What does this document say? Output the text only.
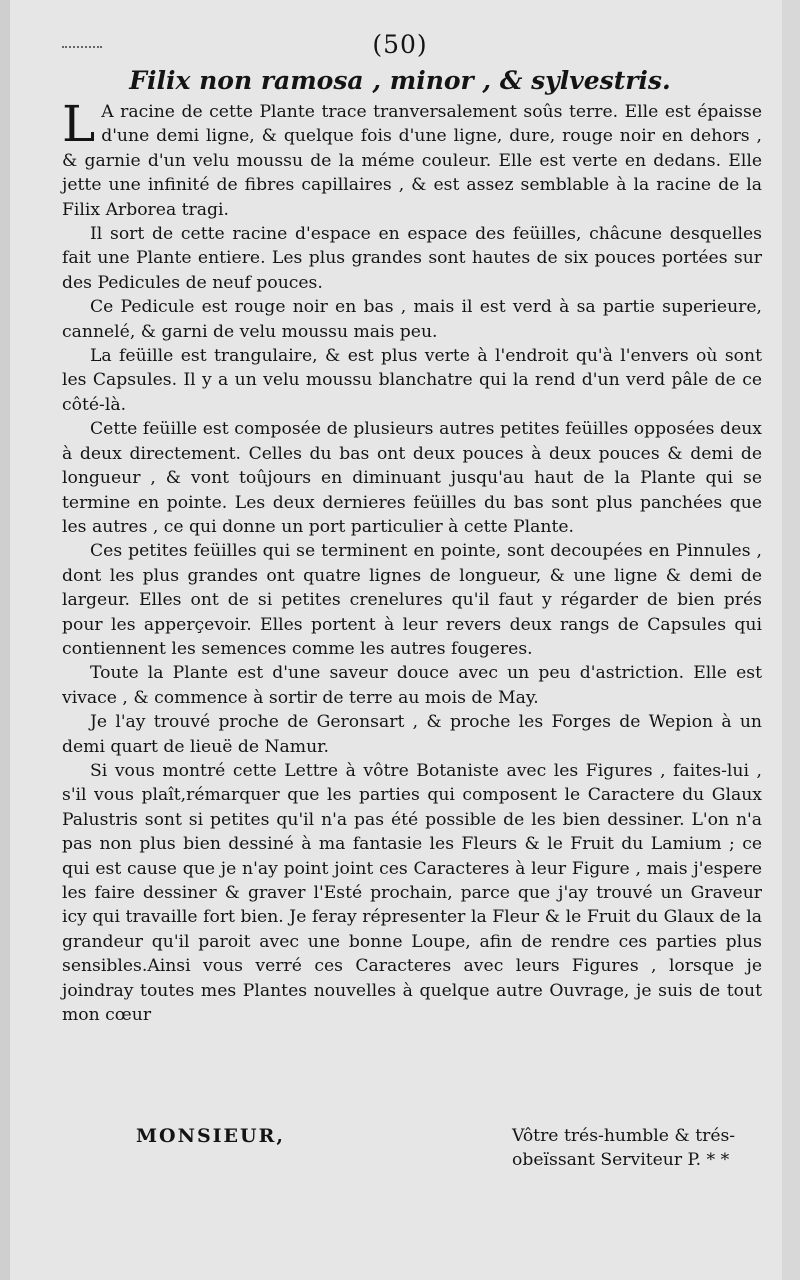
(50)
Filix non ramosa , minor , & sylvestris.

L A racine de cette Plante trace tranversalement soûs terre. Elle est épaisse d'une demi ligne, & quelque fois d'une ligne, dure, rouge noir en dehors , & garnie d'un velu moussu de la méme couleur. Elle est verte en dedans. Elle jette une infinité de fibres capillaires , & est assez semblable à la racine de la Filix Arborea tragi.

Il sort de cette racine d'espace en espace des feüilles, châcune desquelles fait une Plante entiere. Les plus grandes sont hautes de six pouces portées sur des Pedicules de neuf pouces.

Ce Pedicule est rouge noir en bas , mais il est verd à sa partie superieure, cannelé, & garni de velu moussu mais peu.

La feüille est trangulaire, & est plus verte à l'endroit qu'à l'envers où sont les Capsules. Il y a un velu moussu blanchatre qui la rend d'un verd pâle de ce côté-là.

Cette feüille est composée de plusieurs autres petites feüilles opposées deux à deux directement. Celles du bas ont deux pouces à deux pouces & demi de longueur , & vont toûjours en diminuant jusqu'au haut de la Plante qui se termine en pointe. Les deux dernieres feüilles du bas sont plus panchées que les autres , ce qui donne un port particulier à cette Plante.

Ces petites feüilles qui se terminent en pointe, sont decoupées en Pinnules , dont les plus grandes ont quatre lignes de longueur, & une ligne & demi de largeur. Elles ont de si petites crenelures qu'il faut y régarder de bien prés pour les apperçevoir. Elles portent à leur revers deux rangs de Capsules qui contiennent les semences comme les autres fougeres.

Toute la Plante est d'une saveur douce avec un peu d'astriction. Elle est vivace , & commence à sortir de terre au mois de May.

Je l'ay trouvé proche de Geronsart , & proche les Forges de Wepion à un demi quart de lieuë de Namur.

Si vous montré cette Lettre à vôtre Botaniste avec les Figures , faites-lui , s'il vous plaît,rémarquer que les parties qui composent le Caractere du Glaux Palustris sont si petites qu'il n'a pas été possible de les bien dessiner. L'on n'a pas non plus bien dessiné à ma fantasie les Fleurs & le Fruit du Lamium ; ce qui est cause que je n'ay point joint ces Caracteres à leur Figure , mais j'espere les faire dessiner & graver l'Esté prochain, parce que j'ay trouvé un Graveur icy qui travaille fort bien. Je feray répresenter la Fleur & le Fruit du Glaux de la grandeur qu'il paroit avec une bonne Loupe, afin de rendre ces parties plus sensibles.Ainsi vous verré ces Caracteres avec leurs Figures , lorsque je joindray toutes mes Plantes nouvelles à quelque autre Ouvrage, je suis de tout mon cœur

MONSIEUR,	Vôtre trés-humble & trés-
obeïssant Serviteur P. * *
